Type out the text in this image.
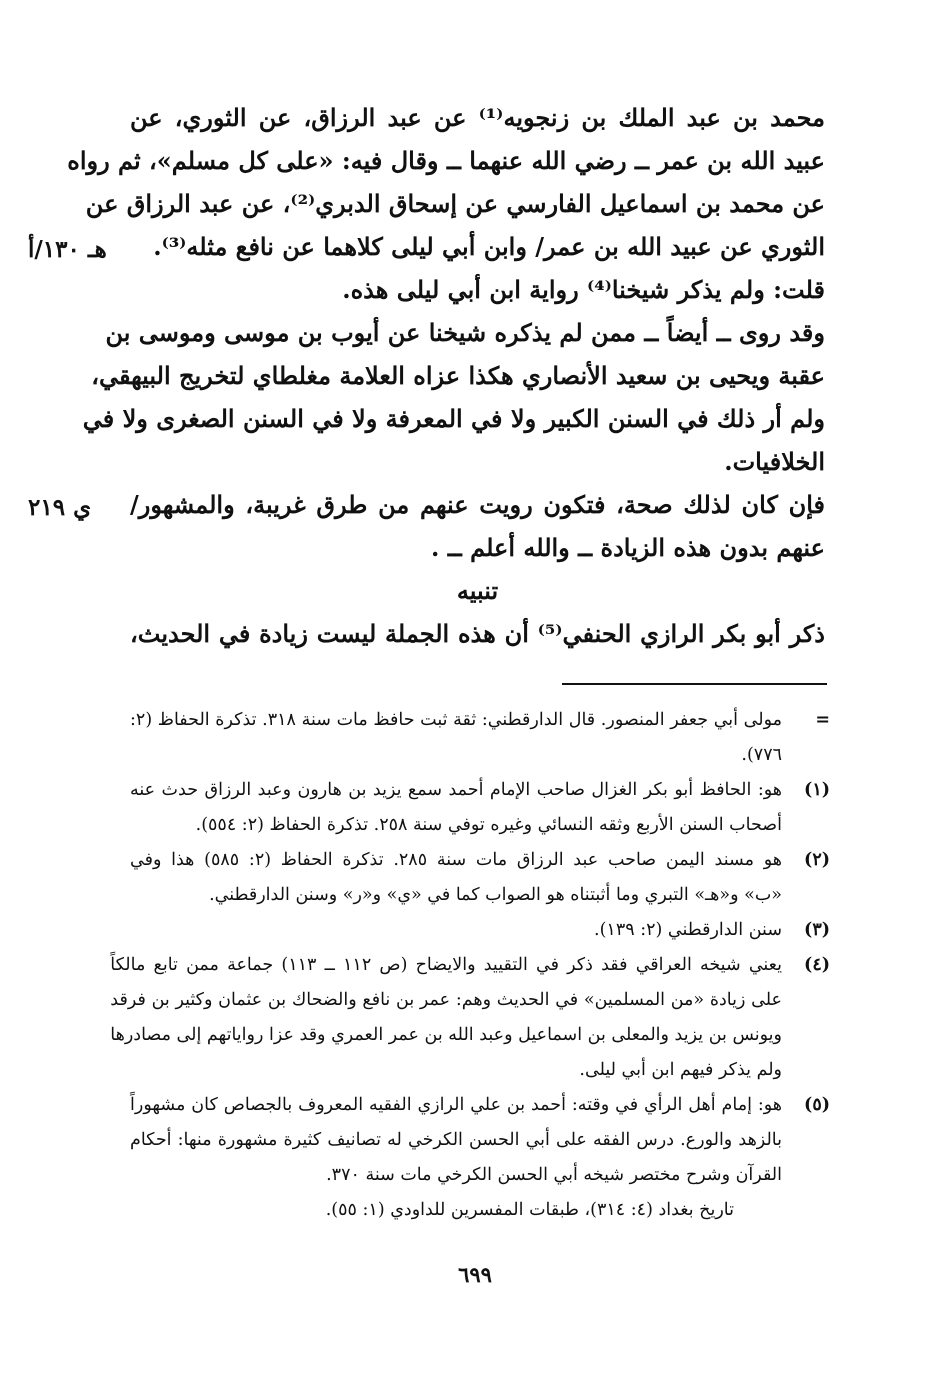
محمد بن عبد الملك بن زنجويه⁽¹⁾ عن عبد الرزاق، عن الثوري، عن
عبيد الله بن عمر ــ رضي الله عنهما ــ وقال فيه: «على كل مسلم»، ثم رواه
عن محمد بن اسماعيل الفارسي عن إسحاق الدبري⁽²⁾، عن عبد الرزاق عن
الثوري عن عبيد الله بن عمر/ وابن أبي ليلى كلاهما عن نافع مثله⁽³⁾.
قلت: ولم يذكر شيخنا⁽⁴⁾ رواية ابن أبي ليلى هذه.
وقد روى ــ أيضاً ــ ممن لم يذكره شيخنا عن أيوب بن موسى وموسى بن
عقبة ويحيى بن سعيد الأنصاري هكذا عزاه العلامة مغلطاي لتخريج البيهقي،
ولم أر ذلك في السنن الكبير ولا في المعرفة ولا في السنن الصغرى ولا في
الخلافيات.
فإن كان لذلك صحة، فتكون رويت عنهم من طرق غريبة، والمشهور/
عنهم بدون هذه الزيادة ــ والله أعلم ــ .
تنبيه
ذكر أبو بكر الرازي الحنفي⁽⁵⁾ أن هذه الجملة ليست زيادة في الحديث،
هـ ١٣٠/أ
ي ٢١٩
=
مولى أبي جعفر المنصور. قال الدارقطني: ثقة ثبت حافظ مات سنة ٣١٨. تذكرة الحفاظ (٢:
٧٧٦).
(١)
هو: الحافظ أبو بكر الغزال صاحب الإمام أحمد سمع يزيد بن هارون وعبد الرزاق حدث عنه
أصحاب السنن الأربع وثقه النسائي وغيره توفي سنة ٢٥٨. تذكرة الحفاظ (٢: ٥٥٤).
(٢)
هو مسند اليمن صاحب عبد الرزاق مات سنة ٢٨٥. تذكرة الحفاظ (٢: ٥٨٥) هذا وفي
«ب» و«هـ» التبري وما أثبتناه هو الصواب كما في «ي» و«ر» وسنن الدارقطني.
(٣)
سنن الدارقطني (٢: ١٣٩).
(٤)
يعني شيخه العراقي فقد ذكر في التقييد والايضاح (ص ١١٢ ــ ١١٣) جماعة ممن تابع مالكاً
على زيادة «من المسلمين» في الحديث وهم: عمر بن نافع والضحاك بن عثمان وكثير بن فرقد
ويونس بن يزيد والمعلى بن اسماعيل وعبد الله بن عمر العمري وقد عزا رواياتهم إلى مصادرها
ولم يذكر فيهم ابن أبي ليلى.
(٥)
هو: إمام أهل الرأي في وقته: أحمد بن علي الرازي الفقيه المعروف بالجصاص كان مشهوراً
بالزهد والورع. درس الفقه على أبي الحسن الكرخي له تصانيف كثيرة مشهورة منها: أحكام
القرآن وشرح مختصر شيخه أبي الحسن الكرخي مات سنة ٣٧٠.
تاريخ بغداد (٤: ٣١٤)، طبقات المفسرين للداودي (١: ٥٥).
٦٩٩
